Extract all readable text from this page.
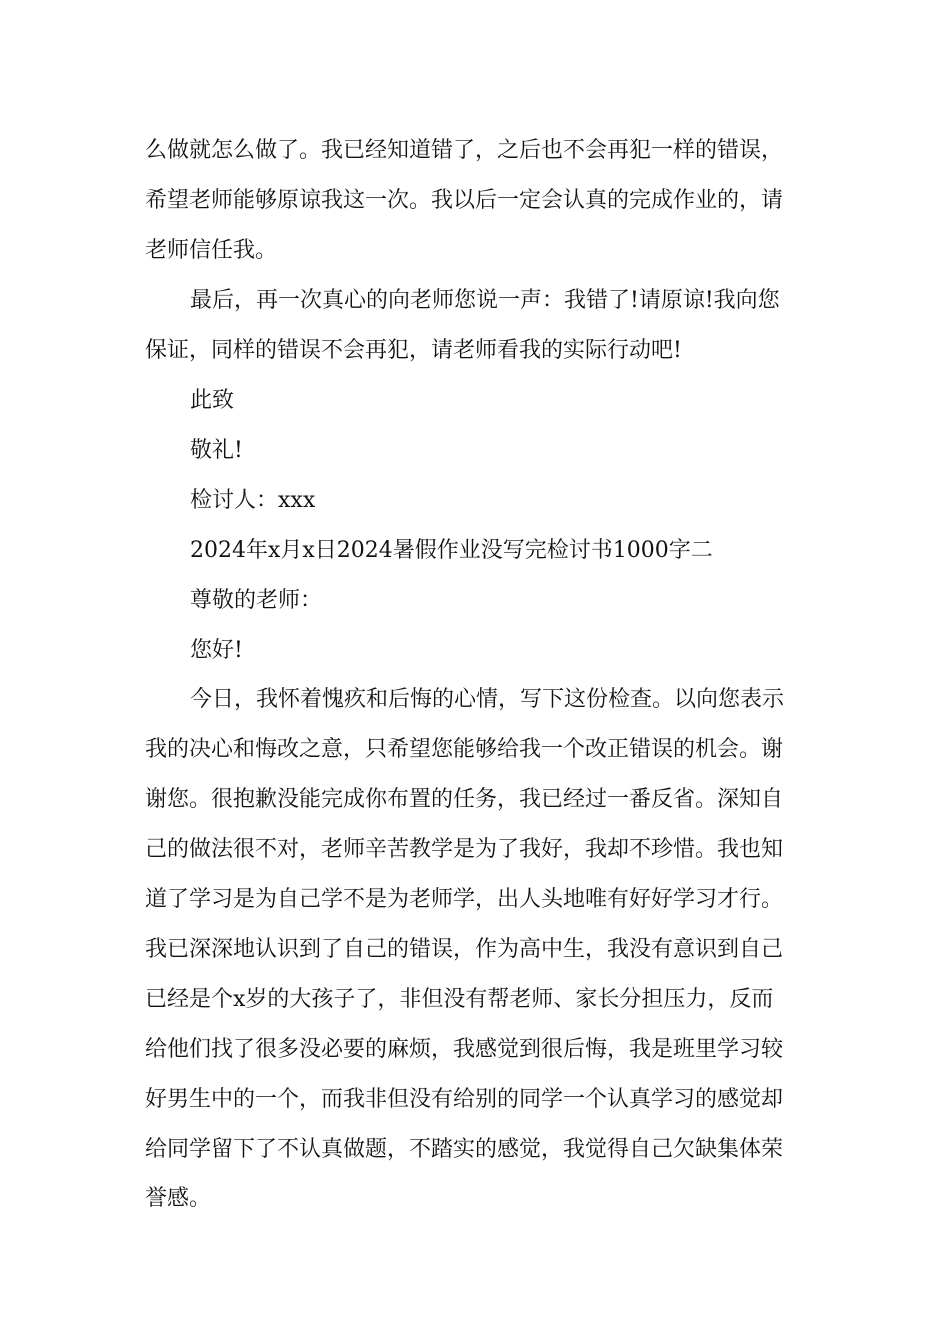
么做就怎么做了。我已经知道错了，之后也不会再犯一样的错误，
希望老师能够原谅我这一次。我以后一定会认真的完成作业的，请
老师信任我。
最后，再一次真心的向老师您说一声：我错了!请原谅!我向您
保证，同样的错误不会再犯，请老师看我的实际行动吧!
此致
敬礼!
检讨人：xxx
2024年x月x日2024暑假作业没写完检讨书1000字二
尊敬的老师：
您好!
今日，我怀着愧疚和后悔的心情，写下这份检查。以向您表示
我的决心和悔改之意，只希望您能够给我一个改正错误的机会。谢
谢您。很抱歉没能完成你布置的任务，我已经过一番反省。深知自
己的做法很不对，老师辛苦教学是为了我好，我却不珍惜。我也知
道了学习是为自己学不是为老师学，出人头地唯有好好学习才行。
我已深深地认识到了自己的错误，作为高中生，我没有意识到自己
已经是个x岁的大孩子了，非但没有帮老师、家长分担压力，反而
给他们找了很多没必要的麻烦，我感觉到很后悔，我是班里学习较
好男生中的一个，而我非但没有给别的同学一个认真学习的感觉却
给同学留下了不认真做题，不踏实的感觉，我觉得自己欠缺集体荣
誉感。
